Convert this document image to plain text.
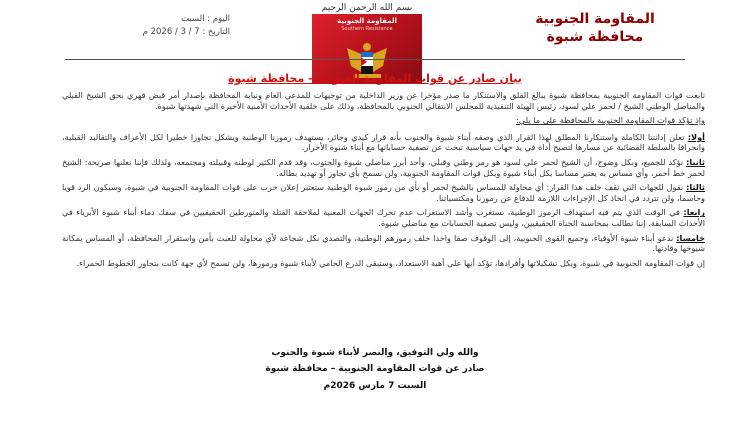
المقاومة الجنوبية
محافظة شبوة
بسم الله الرحمن الرحيم
المقاومة الجنوبية
Southern Resistance
اليوم : السبت
التاريخ : 7 / 3 / 2026 م
بيان صادر عن قوات المقاومة الجنوبية – محافظة شبوة

تابعت قوات المقاومة الجنوبية بمحافظة شبوة ببالغ القلق والاستنكار ما صدر مؤخرا عن وزير الداخلية من توجيهات للمدعي العام ونيابة المحافظة بإصدار أمر قبض قهري بحق الشيخ القبلي والمناضل الوطني الشيخ / لحمر علي لسود، رئيس الهيئة التنفيذية للمجلس الانتقالي الجنوبي بالمحافظة، وذلك على خلفية الأحداث الأمنية الأخيرة التي شهدتها شبوة.

وإذ تؤكد قوات المقاومة الجنوبية بالمحافظة على ما يلي:

أولا: تعلن إدانتنا الكاملة واستنكارنا المطلق لهذا القرار الذي وصفه أبناء شبوة والجنوب بأنه قرار كيدي وجائر، يستهدف رموزنا الوطنية ويشكل تجاوزا خطيرا لكل الأعراف والتقاليد القبلية، وانحرافا بالسلطة القضائية عن مسارها لتصبح أداة في يد جهات سياسية تبحث عن تصفية حساباتها مع أبناء شبوة الأحرار.

ثانيا: نؤكد للجميع، وبكل وضوح، أن الشيخ لحمر علي لسود هو رمز وطني وقبلي، وأحد أبرز مناضلي شبوة والجنوب، وقد قدم الكثير لوطنه وقبيلته ومجتمعه، ولذلك فإننا نعلنها صريحة: الشيخ لحمر خط أحمر، وأي مساس به يعتبر مساسا بكل أبناء شبوة وبكل قوات المقاومة الجنوبية، ولن نسمح بأي تجاوز أو تهديد بطاله.

ثالثا: نقول للجهات التي تقف خلف هذا القرار: أي محاولة للمساس بالشيخ لحمر أو بأي من رموز شبوة الوطنية ستعتبر إعلان حرب على قوات المقاومة الجنوبية في شبوة، وسيكون الرد قويا وحاسما، ولن تتردد في اتخاذ كل الإجراءات اللازمة للدفاع عن رموزنا ومكتسباتنا.

رابعا: في الوقت الذي يتم فيه استهداف الرموز الوطنية، نستغرب وأشد الاستغراب عدم تحرك الجهات المعنية لملاحقة القتلة والمتورطين الحقيقيين في سفك دماء أبناء شبوة الأبرياء في الأحداث السابقة. إننا نطالب بمحاسبة الجناة الحقيقيين، وليس تصفية الحسابات مع مناضلي شبوة.

خامسا: ندعو أبناء شبوة الأوفياء، وجميع القوى الجنوبية، إلى الوقوف صفا واحدا خلف رموزهم الوطنية، والتصدي بكل شجاعة لأي محاولة للعبث بأمن واستقرار المحافظة، أو المساس بمكانة شيوخها وقادتها.

إن قوات المقاومة الجنوبية في شبوة، وبكل تشكيلاتها وأفرادها، تؤكد أنها على أهبة الاستعداد، وستبقى الدرع الحامي لأبناء شبوة ورموزها، ولن تسمح لأي جهة كانت بتجاوز الخطوط الحمراء.

والله ولي التوفيق، والنصر لأبناء شبوة والجنوب
صادر عن قوات المقاومة الجنوبية – محافظة شبوة
السبت 7 مارس 2026م
